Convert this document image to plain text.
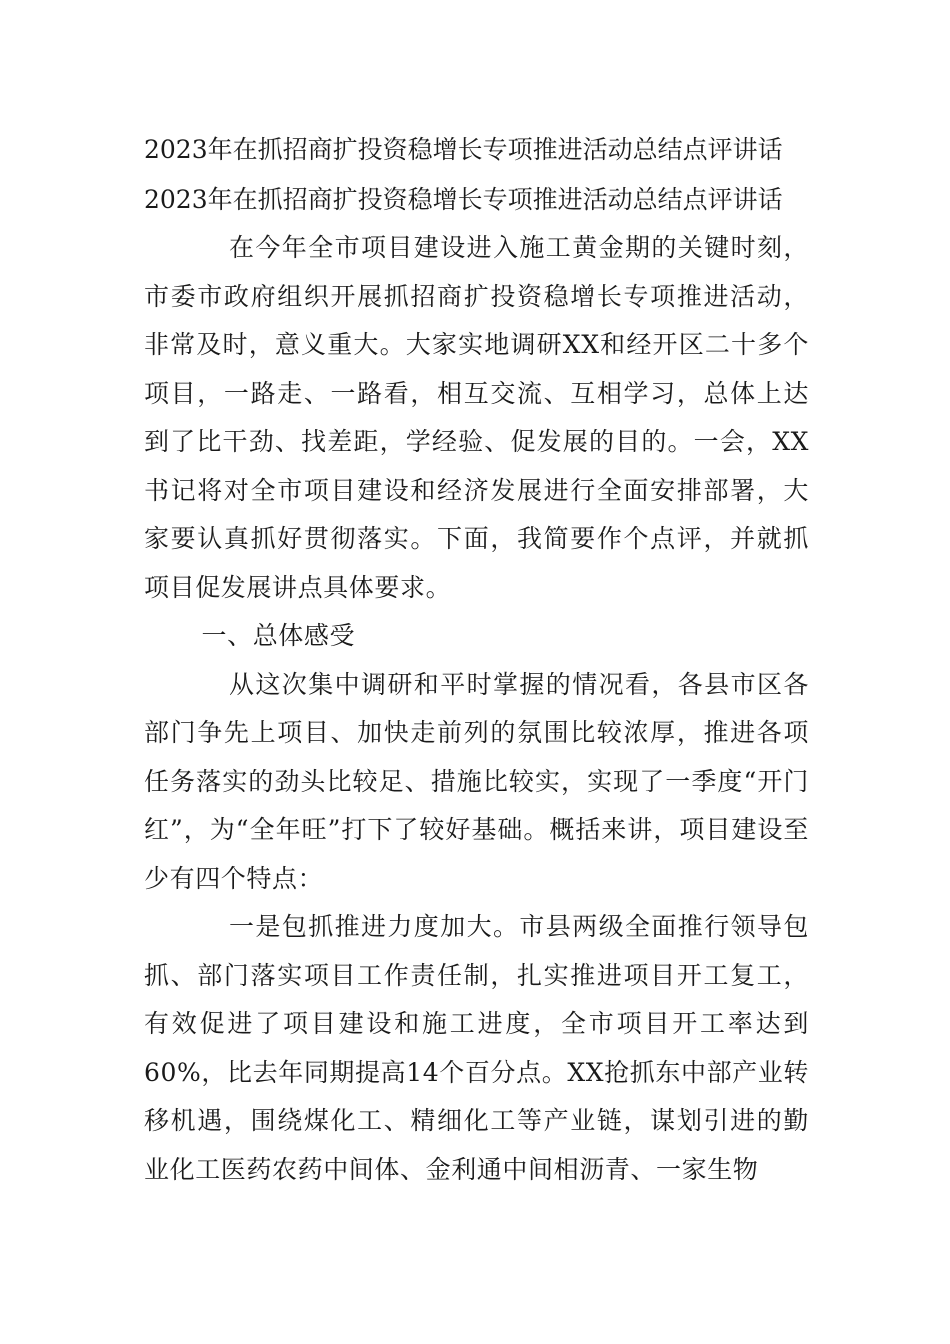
2023年在抓招商扩投资稳增长专项推进活动总结点评讲话
2023年在抓招商扩投资稳增长专项推进活动总结点评讲话

在今年全市项目建设进入施工黄金期的关键时刻，市委市政府组织开展抓招商扩投资稳增长专项推进活动，非常及时，意义重大。大家实地调研XX和经开区二十多个项目，一路走、一路看，相互交流、互相学习，总体上达到了比干劲、找差距，学经验、促发展的目的。一会，XX书记将对全市项目建设和经济发展进行全面安排部署，大家要认真抓好贯彻落实。下面，我简要作个点评，并就抓项目促发展讲点具体要求。

一、总体感受

从这次集中调研和平时掌握的情况看，各县市区各部门争先上项目、加快走前列的氛围比较浓厚，推进各项任务落实的劲头比较足、措施比较实，实现了一季度“开门红”，为“全年旺”打下了较好基础。概括来讲，项目建设至少有四个特点：

一是包抓推进力度加大。市县两级全面推行领导包抓、部门落实项目工作责任制，扎实推进项目开工复工，有效促进了项目建设和施工进度，全市项目开工率达到60%，比去年同期提高14个百分点。XX抢抓东中部产业转移机遇，围绕煤化工、精细化工等产业链，谋划引进的勤业化工医药农药中间体、金利通中间相沥青、一家生物
